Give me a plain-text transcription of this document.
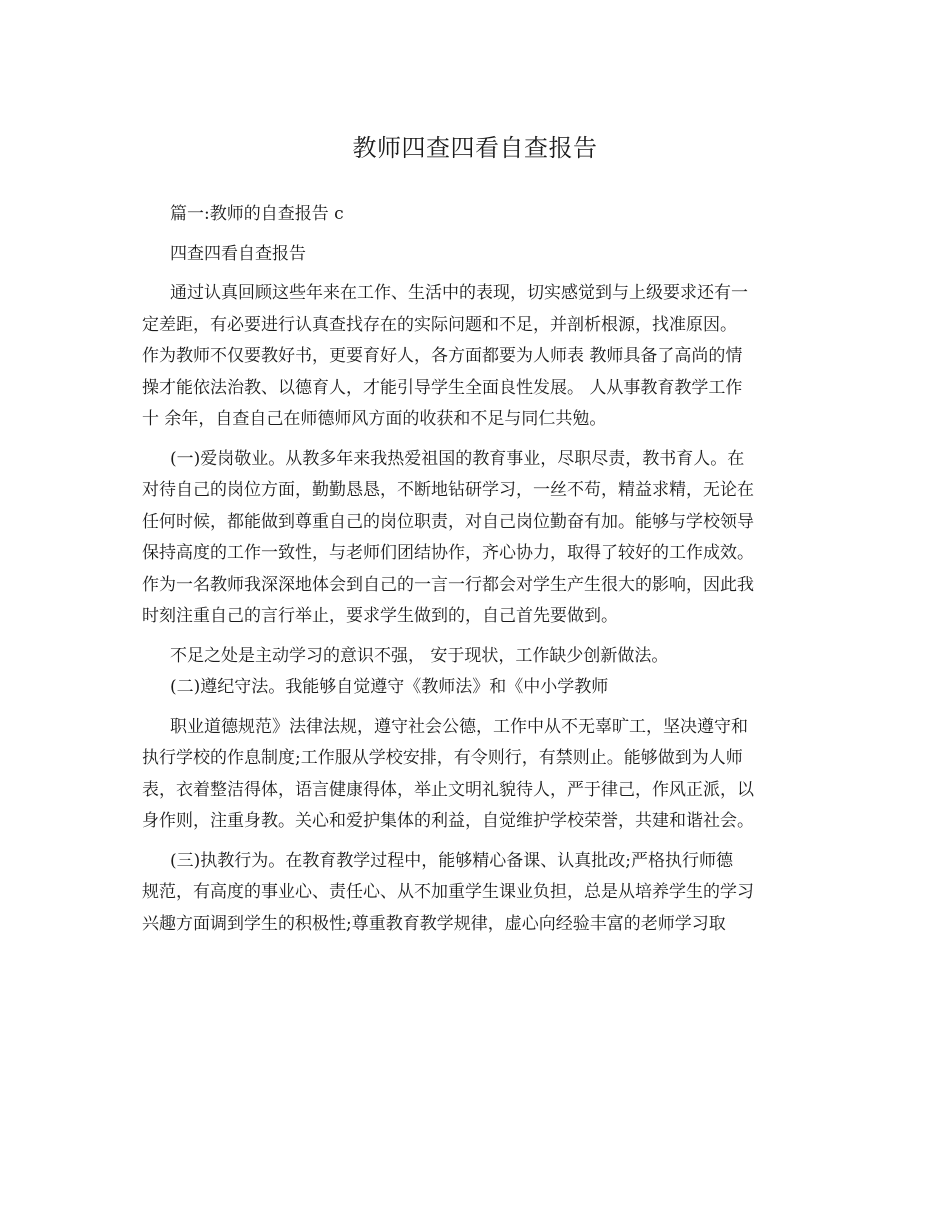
教师四查四看自查报告
篇一:教师的自查报告 c
四查四看自查报告
通过认真回顾这些年来在工作、生活中的表现，切实感觉到与上级要求还有一
定差距，有必要进行认真查找存在的实际问题和不足，并剖析根源，找准原因。
作为教师不仅要教好书，更要育好人，各方面都要为人师表 教师具备了高尚的情
操才能依法治教、以德育人，才能引导学生全面良性发展。 人从事教育教学工作
十 余年，自查自己在师德师风方面的收获和不足与同仁共勉。
(一)爱岗敬业。从教多年来我热爱祖国的教育事业，尽职尽责，教书育人。在
对待自己的岗位方面，勤勤恳恳，不断地钻研学习，一丝不苟，精益求精，无论在
任何时候，都能做到尊重自己的岗位职责，对自己岗位勤奋有加。能够与学校领导
保持高度的工作一致性，与老师们团结协作，齐心协力，取得了较好的工作成效。
作为一名教师我深深地体会到自己的一言一行都会对学生产生很大的影响，因此我
时刻注重自己的言行举止，要求学生做到的，自己首先要做到。
不足之处是主动学习的意识不强， 安于现状，工作缺少创新做法。
(二)遵纪守法。我能够自觉遵守《教师法》和《中小学教师
职业道德规范》法律法规，遵守社会公德，工作中从不无辜旷工，坚决遵守和
执行学校的作息制度;工作服从学校安排，有令则行，有禁则止。能够做到为人师
表，衣着整洁得体，语言健康得体，举止文明礼貌待人，严于律己，作风正派，以
身作则，注重身教。关心和爱护集体的利益，自觉维护学校荣誉，共建和谐社会。
(三)执教行为。在教育教学过程中，能够精心备课、认真批改;严格执行师德
规范，有高度的事业心、责任心、从不加重学生课业负担，总是从培养学生的学习
兴趣方面调到学生的积极性;尊重教育教学规律，虚心向经验丰富的老师学习取
